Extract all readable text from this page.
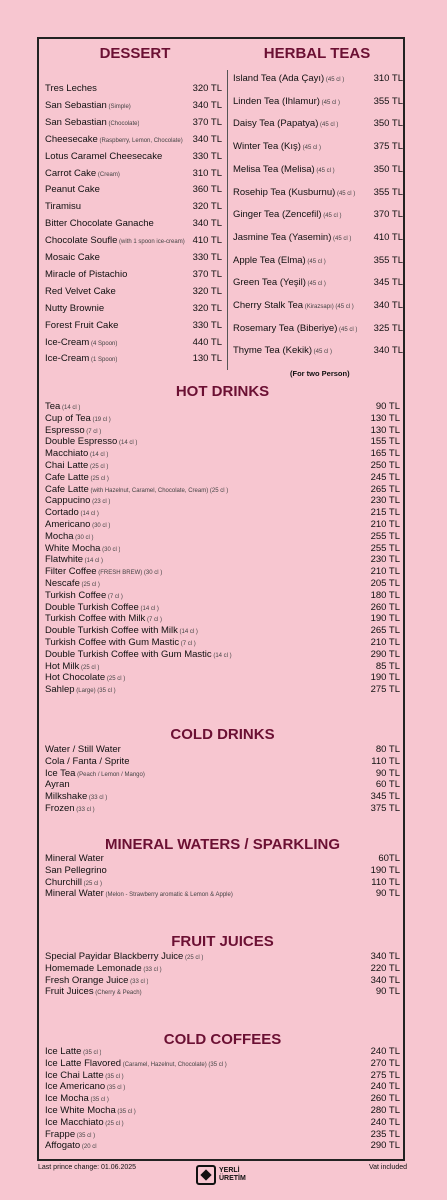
DESSERT	HERBAL TEAS
Tres Leches	320 TL
San Sebastian (Simple)	340 TL
San Sebastian (Chocolate)	370 TL
Cheesecake (Raspberry, Lemon, Chocolate)	340 TL
Lotus Caramel Cheesecake	330 TL
Carrot Cake (Cream)	310 TL
Peanut Cake	360 TL
Tiramisu	320 TL
Bitter Chocolate Ganache	340 TL
Chocolate Soufle (with 1 spoon ice-cream) 410 TL
Mosaic Cake	330 TL
Miracle of Pistachio	370 TL
Red Velvet Cake	320 TL
Nutty Brownie	320 TL
Forest Fruit Cake	330 TL
Ice-Cream (4 Spoon)	440 TL
Ice-Cream (1 Spoon)	130 TL
Island Tea (Ada Çayı) (45 cl )	310 TL
Linden Tea (Ihlamur) (45 cl )	355 TL
Daisy Tea (Papatya) (45 cl )	350 TL
Winter Tea (Kış) (45 cl )	375 TL
Melisa Tea (Melisa) (45 cl )	350 TL
Rosehip Tea (Kusburnu) (45 cl )	355 TL
Ginger Tea (Zencefil) (45 cl )	370 TL
Jasmine Tea (Yasemin) (45 cl )	410 TL
Apple Tea (Elma) (45 cl )	355 TL
Green Tea (Yeşil) (45 cl )	345 TL
Cherry Stalk Tea (Kirazsapı) (45 cl )	340 TL
Rosemary Tea (Biberiye) (45 cl )	325 TL
Thyme Tea (Kekik) (45 cl )	340 TL
(For two Person)
HOT DRINKS
Tea (14 cl )	90 TL
Cup of Tea (19 cl )	130 TL
Espresso (7 cl )	130 TL
Double Espresso (14 cl )	155 TL
Macchiato (14 cl )	165 TL
Chai Latte (25 cl )	250 TL
Cafe Latte (25 cl )	245 TL
Cafe Latte (with Hazelnut, Caramel, Chocolate, Cream) (25 cl )	265 TL
Cappucino (23 cl )	230 TL
Cortado (14 cl )	215 TL
Americano (30 cl )	210 TL
Mocha (30 cl )	255 TL
White Mocha (30 cl )	255 TL
Flatwhite (14 cl )	230 TL
Filter Coffee (FRESH BREW) (30 cl )	210 TL
Nescafe (25 cl )	205 TL
Turkish Coffee (7 cl )	180 TL
Double Turkish Coffee (14 cl )	260 TL
Turkish Coffee with Milk (7 cl )	190 TL
Double Turkish Coffee with Milk (14 cl )	265 TL
Turkish Coffee with Gum Mastic (7 cl )	210 TL
Double Turkish Coffee with Gum Mastic (14 cl )	290 TL
Hot Milk (25 cl )	85 TL
Hot Chocolate (25 cl )	190 TL
Sahlep (Large) (35 cl )	275 TL
COLD DRINKS
Water / Still Water	80 TL
Cola / Fanta / Sprite	110 TL
Ice Tea (Peach / Lemon / Mango)	90 TL
Ayran	60 TL
Milkshake (33 cl )	345 TL
Frozen (33 cl )	375 TL
MINERAL WATERS / SPARKLING
Mineral Water	60TL
San Pellegrino	190 TL
Churchill (25 cl )	110 TL
Mineral Water (Melon - Strawberry aromatic & Lemon & Apple)	90 TL
FRUIT JUICES
Special Payidar Blackberry Juice (25 cl )	340 TL
Homemade Lemonade (33 cl )	220 TL
Fresh Orange Juice (33 cl )	340 TL
Fruit Juices (Cherry & Peach)	90 TL
COLD COFFEES
Ice Latte (35 cl )	240 TL
Ice Latte Flavored (Caramel, Hazelnut, Chocolate) (35 cl )	270 TL
Ice Chai Latte (35 cl )	275 TL
Ice Americano (35 cl )	240 TL
Ice Mocha (35 cl )	260 TL
Ice White Mocha (35 cl )	280 TL
Ice Macchiato (25 cl )	240 TL
Frappe (35 cl )	235 TL
Affogato (20 cl	290 TL
Last prince change: 01.06.2025	YERLİ
ÜRETİM
Vat included
